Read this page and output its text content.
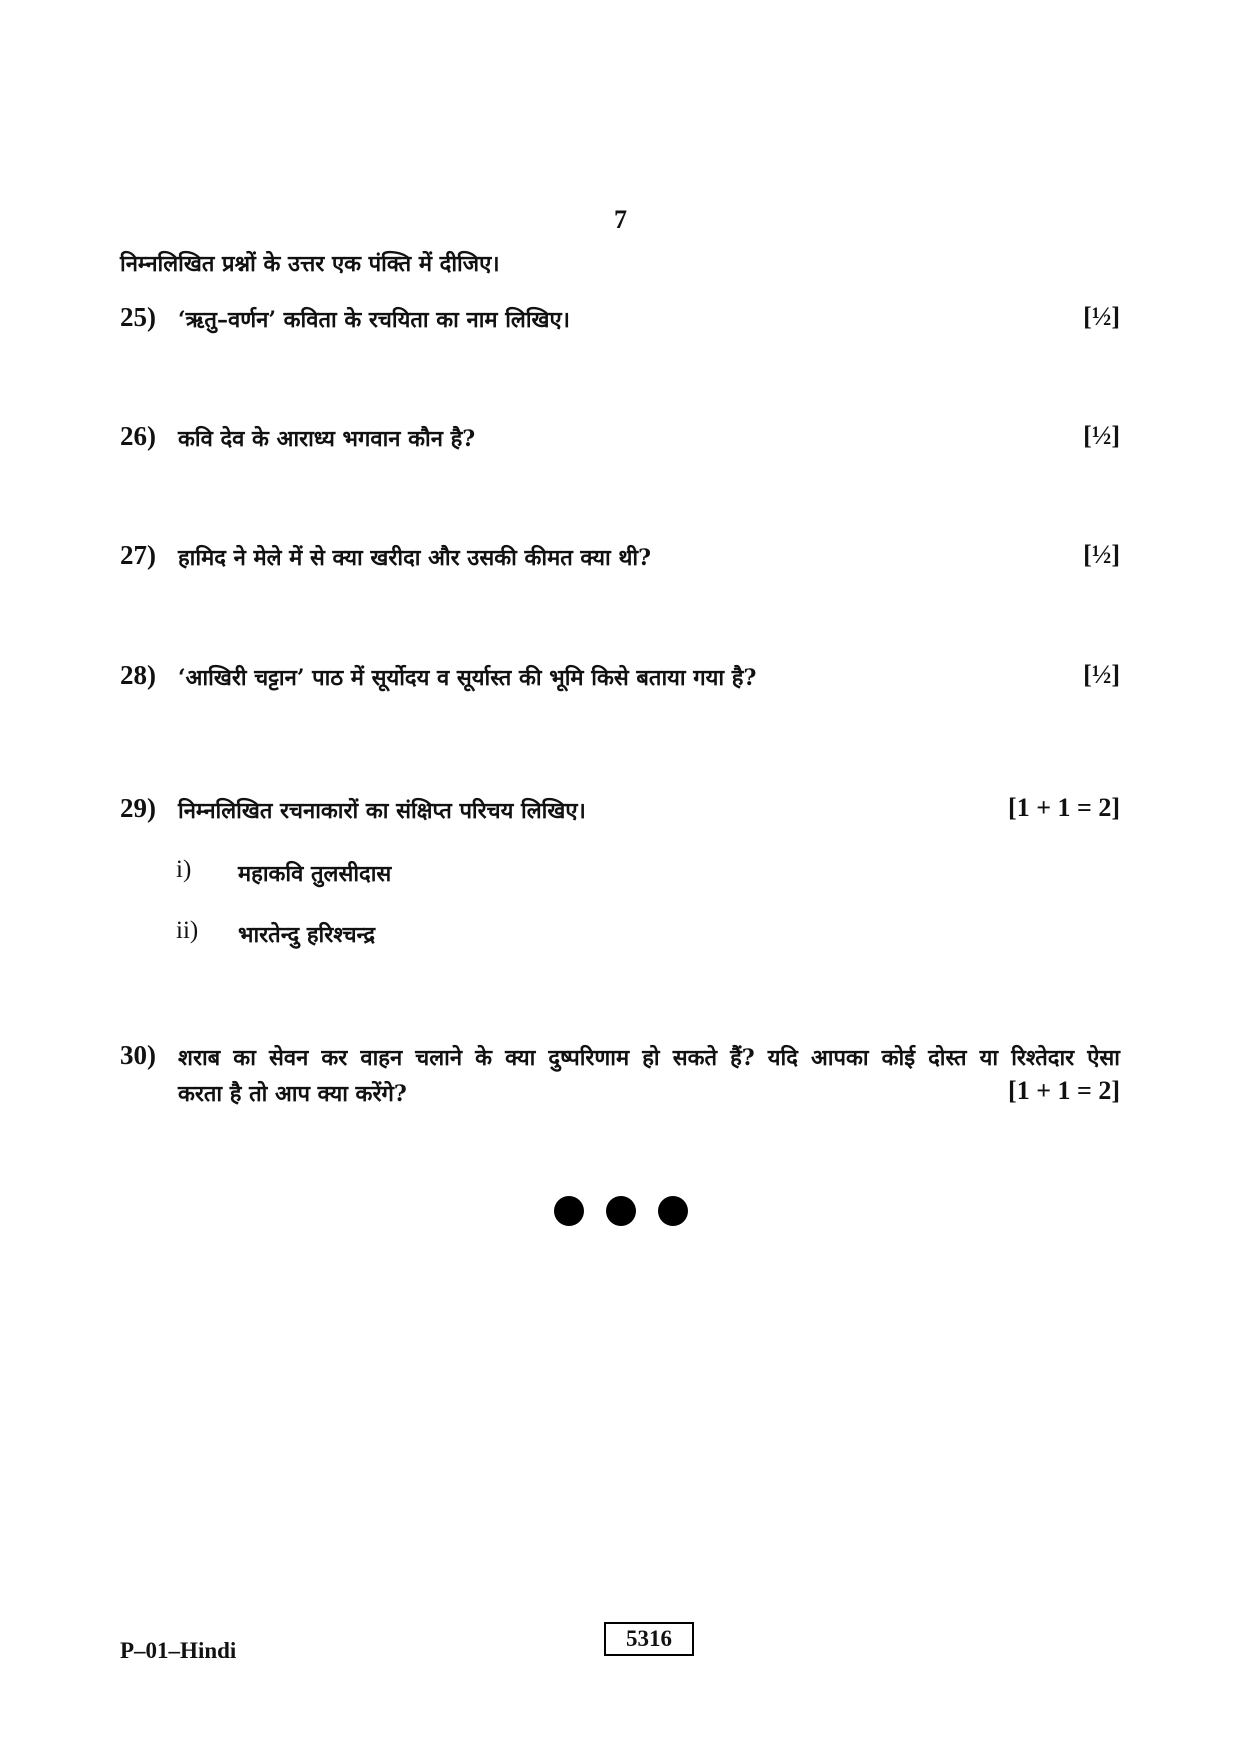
7
निम्नलिखित प्रश्नों के उत्तर एक पंक्ति में दीजिए।
25) ‘ऋतु–वर्णन’ कविता के रचयिता का नाम लिखिए।	[½]
26) कवि देव के आराध्य भगवान कौन है?	[½]
27) हामिद ने मेले में से क्या खरीदा और उसकी कीमत क्या थी?	[½]
28) ‘आखिरी चट्टान’ पाठ में सूर्योदय व सूर्यास्त की भूमि किसे बताया गया है?	[½]
29) निम्नलिखित रचनाकारों का संक्षिप्त परिचय लिखिए।	[1 + 1 = 2]
i) महाकवि तुलसीदास
ii) भारतेन्दु हरिश्चन्द्र
30) शराब का सेवन कर वाहन चलाने के क्या दुष्परिणाम हो सकते हैं? यदि आपका कोई दोस्त या रिश्तेदार ऐसा
करता है तो आप क्या करेंगे?	[1 + 1 = 2]
P–01–Hindi	5316
